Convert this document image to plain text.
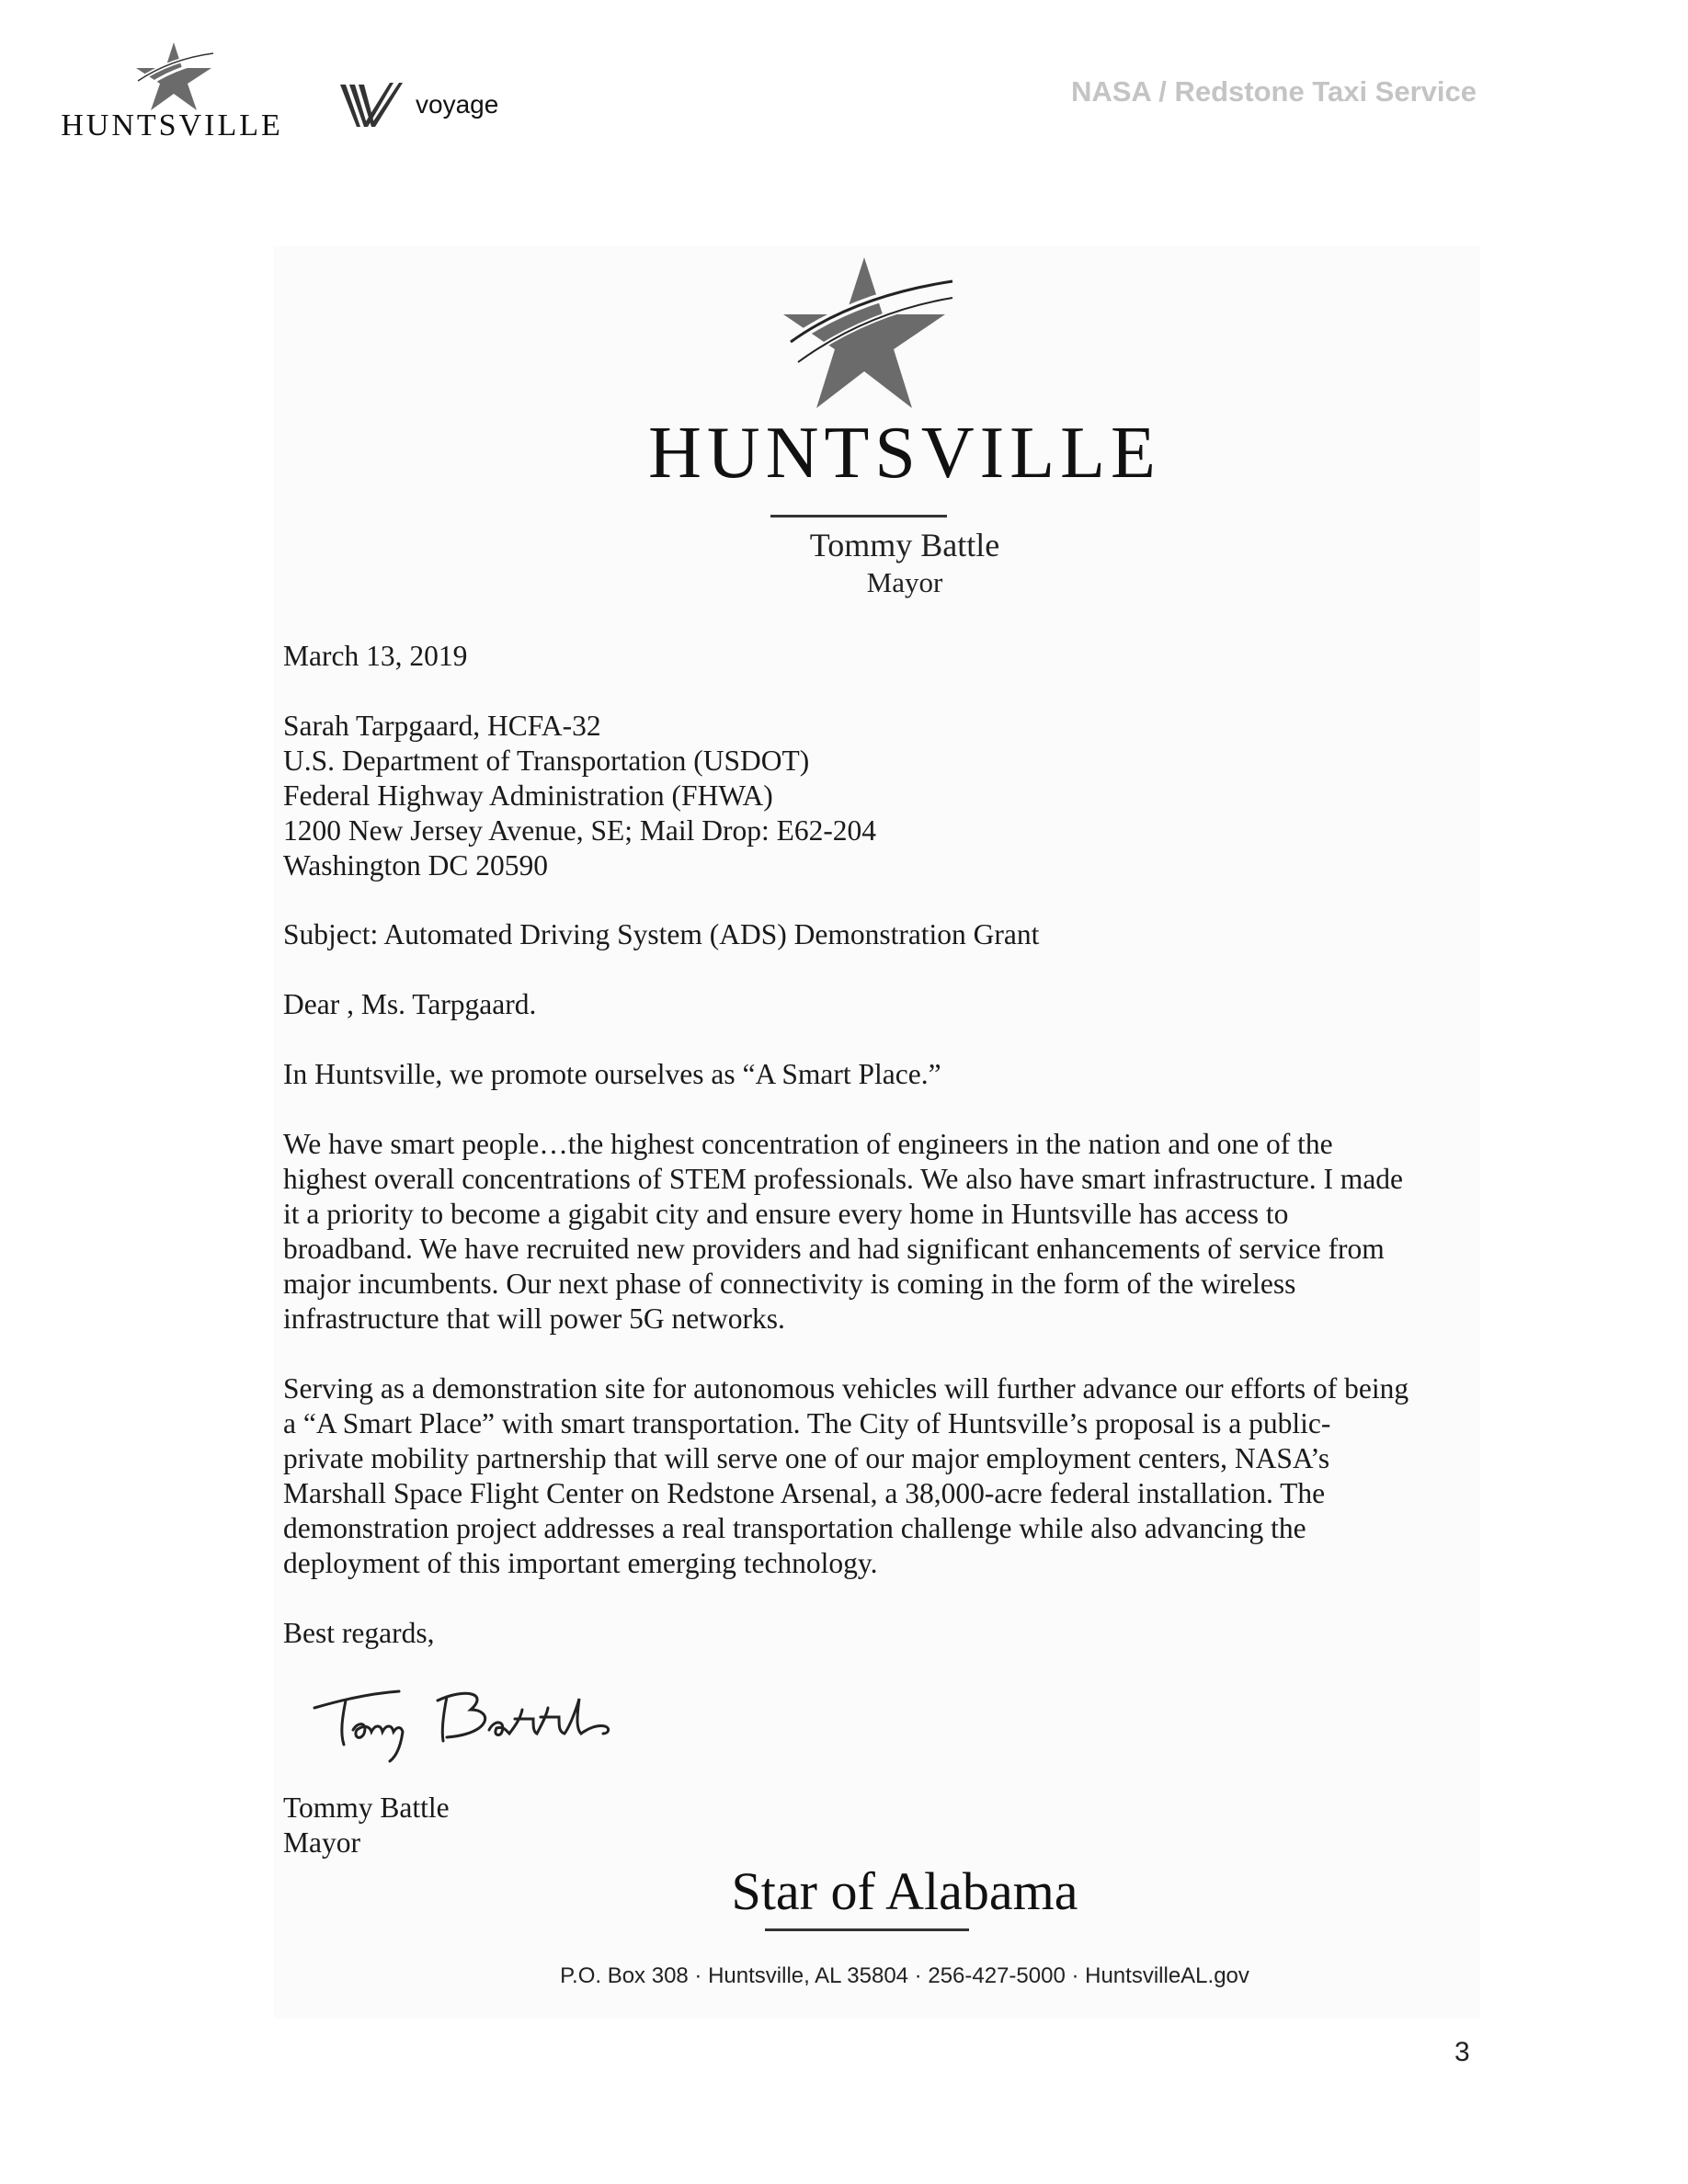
HUNTSVILLE
voyage	NASA / Redstone Taxi Service
HUNTSVILLE
Tommy Battle
Mayor
March 13, 2019
Sarah Tarpgaard, HCFA-32
U.S. Department of Transportation (USDOT)
Federal Highway Administration (FHWA)
1200 New Jersey Avenue, SE; Mail Drop: E62-204
Washington DC 20590
Subject: Automated Driving System (ADS) Demonstration Grant
Dear , Ms. Tarpgaard.
In Huntsville, we promote ourselves as “A Smart Place.”
We have smart people…the highest concentration of engineers in the nation and one of the
highest overall concentrations of STEM professionals. We also have smart infrastructure. I made
it a priority to become a gigabit city and ensure every home in Huntsville has access to
broadband. We have recruited new providers and had significant enhancements of service from
major incumbents. Our next phase of connectivity is coming in the form of the wireless
infrastructure that will power 5G networks.
Serving as a demonstration site for autonomous vehicles will further advance our efforts of being
a “A Smart Place” with smart transportation. The City of Huntsville’s proposal is a public-
private mobility partnership that will serve one of our major employment centers, NASA’s
Marshall Space Flight Center on Redstone Arsenal, a 38,000-acre federal installation. The
demonstration project addresses a real transportation challenge while also advancing the
deployment of this important emerging technology.
Best regards,
Tommy Battle
Mayor
Star of Alabama
P.O. Box 308 · Huntsville, AL 35804 · 256-427-5000 · HuntsvilleAL.gov
3
